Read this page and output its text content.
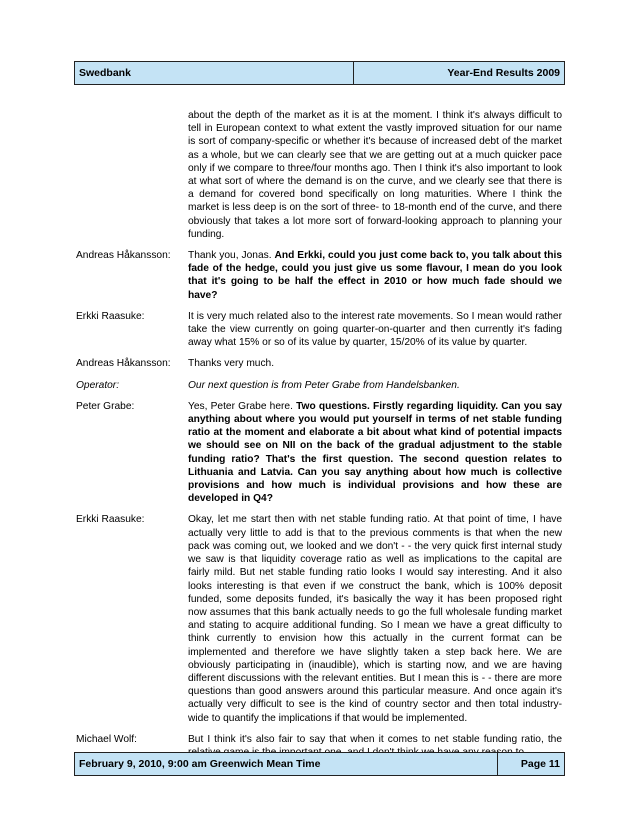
Swedbank	Year-End Results 2009
about the depth of the market as it is at the moment. I think it's always difficult to tell in European context to what extent the vastly improved situation for our name is sort of company-specific or whether it's because of increased debt of the market as a whole, but we can clearly see that we are getting out at a much quicker pace only if we compare to three/four months ago. Then I think it's also important to look at what sort of where the demand is on the curve, and we clearly see that there is a demand for covered bond specifically on long maturities. Where I think the market is less deep is on the sort of three- to 18-month end of the curve, and there obviously that takes a lot more sort of forward-looking approach to planning your funding.
Andreas Håkansson:	Thank you, Jonas. And Erkki, could you just come back to, you talk about this fade of the hedge, could you just give us some flavour, I mean do you look that it's going to be half the effect in 2010 or how much fade should we have?
Erkki Raasuke:	It is very much related also to the interest rate movements. So I mean would rather take the view currently on going quarter-on-quarter and then currently it's fading away what 15% or so of its value by quarter, 15/20% of its value by quarter.
Andreas Håkansson:	Thanks very much.
Operator:	Our next question is from Peter Grabe from Handelsbanken.
Peter Grabe:	Yes, Peter Grabe here. Two questions. Firstly regarding liquidity. Can you say anything about where you would put yourself in terms of net stable funding ratio at the moment and elaborate a bit about what kind of potential impacts we should see on NII on the back of the gradual adjustment to the stable funding ratio? That's the first question. The second question relates to Lithuania and Latvia. Can you say anything about how much is collective provisions and how much is individual provisions and how these are developed in Q4?
Erkki Raasuke:	Okay, let me start then with net stable funding ratio. At that point of time, I have actually very little to add is that to the previous comments is that when the new pack was coming out, we looked and we don't - - the very quick first internal study we saw is that liquidity coverage ratio as well as implications to the capital are fairly mild. But net stable funding ratio looks I would say interesting. And it also looks interesting is that even if we construct the bank, which is 100% deposit funded, some deposits funded, it's basically the way it has been proposed right now assumes that this bank actually needs to go the full wholesale funding market and stating to acquire additional funding. So I mean we have a great difficulty to think currently to envision how this actually in the current format can be implemented and therefore we have slightly taken a step back here. We are obviously participating in (inaudible), which is starting now, and we are having different discussions with the relevant entities. But I mean this is - - there are more questions than good answers around this particular measure. And once again it's actually very difficult to see is the kind of country sector and then total industry-wide to quantify the implications if that would be implemented.
Michael Wolf:	But I think it's also fair to say that when it comes to net stable funding ratio, the
February 9, 2010, 9:00 am Greenwich Mean Time	Page 11
